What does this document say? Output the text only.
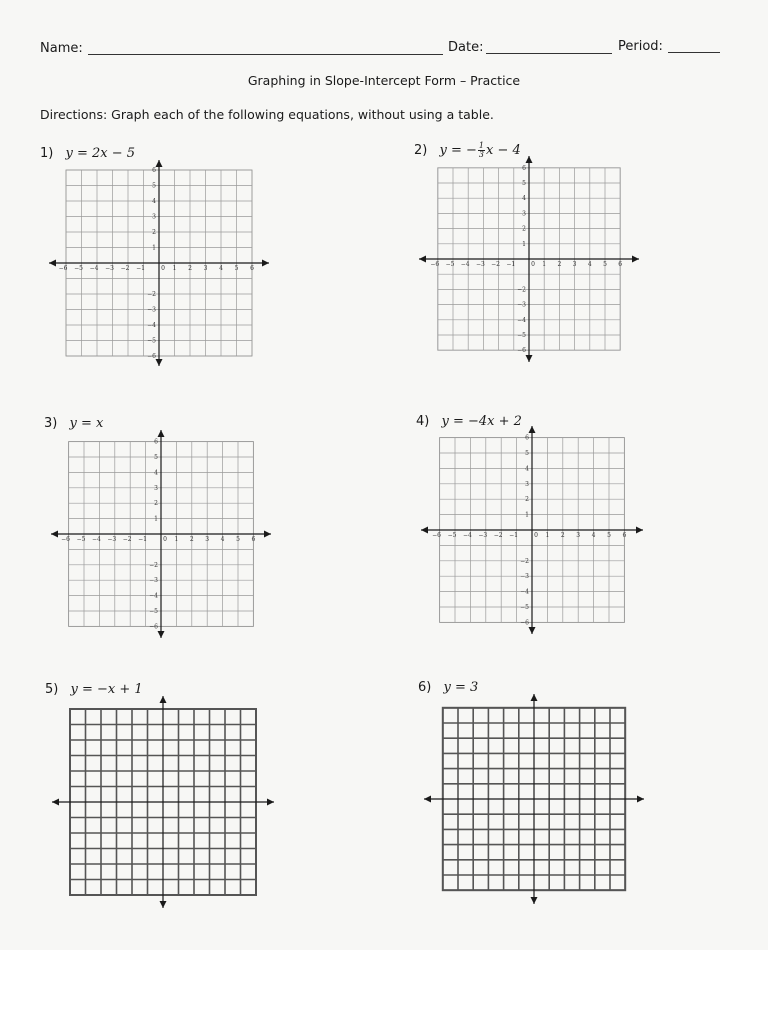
Name:	Date:	Period:
Graphing in Slope-Intercept Form – Practice
Directions: Graph each of the following equations, without using a table.
1) y = 2x − 5	2) y = − $\frac{1}{3}$ x − 4
3) y = x	4) y = −4x + 2
5) y = −x + 1	6) y = 3
−6 −5 −4 −3 −2 −1	0 1 2 3 4 5 6
6
5
4
3
2
1
−2
−3
−4
−5
−6
−6 −5 −4 −3 −2 −1	0 1 2 3 4 5 6
6
5
4
3
2
1
−2
−3
−4
−5
−6
−6 −5 −4 −3 −2 −1	0 1 2 3 4 5 6
6
5
4
3
2
1
−2
−3
−4
−5
−6
−6 −5 −4 −3 −2 −1	0 1 2 3 4 5 6
6
5
4
3
2
1
−2
−3
−4
−5
−6
